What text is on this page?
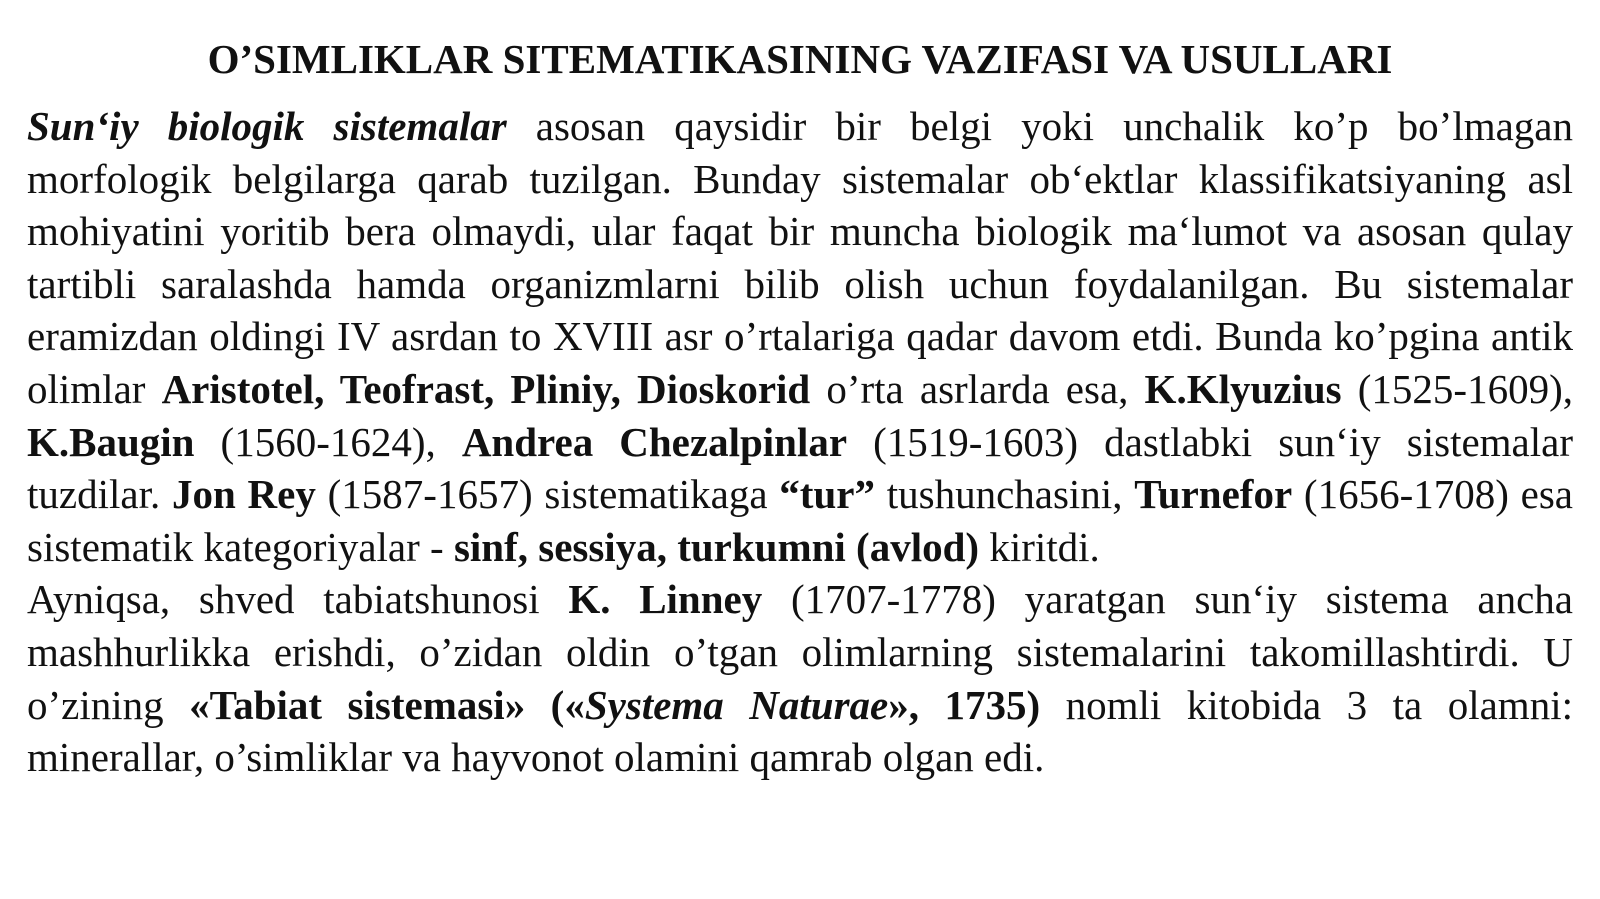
O’SIMLIKLAR SITEMATIKASINING VAZIFASI VA USULLARI

Sun‘iy biologik sistemalar asosan qaysidir bir belgi yoki unchalik ko’p bo’lmagan morfologik belgilarga qarab tuzilgan. Bunday sistemalar ob‘ektlar klassifikatsiyaning asl mohiyatini yoritib bera olmaydi, ular faqat bir muncha biologik ma‘lumot va asosan qulay tartibli saralashda hamda organizmlarni bilib olish uchun foydalanilgan. Bu sistemalar eramizdan oldingi IV asrdan to XVIII asr o’rtalariga qadar davom etdi. Bunda ko’pgina antik olimlar Aristotel, Teofrast, Pliniy, Dioskorid o’rta asrlarda esa, K.Klyuzius (1525-1609), K.Baugin (1560-1624), Andrea Chezalpinlar (1519-1603) dastlabki sun‘iy sistemalar tuzdilar. Jon Rey (1587-1657) sistematikaga “tur” tushunchasini, Turnefor (1656-1708) esa sistematik kategoriyalar - sinf, sessiya, turkumni (avlod) kiritdi.

Ayniqsa, shved tabiatshunosi K. Linney (1707-1778) yaratgan sun‘iy sistema ancha mashhurlikka erishdi, o’zidan oldin o’tgan olimlarning sistemalarini takomillashtirdi. U o’zining «Tabiat sistemasi» («Systema Naturae», 1735) nomli kitobida 3 ta olamni: minerallar, o’simliklar va hayvonot olamini qamrab olgan edi.
